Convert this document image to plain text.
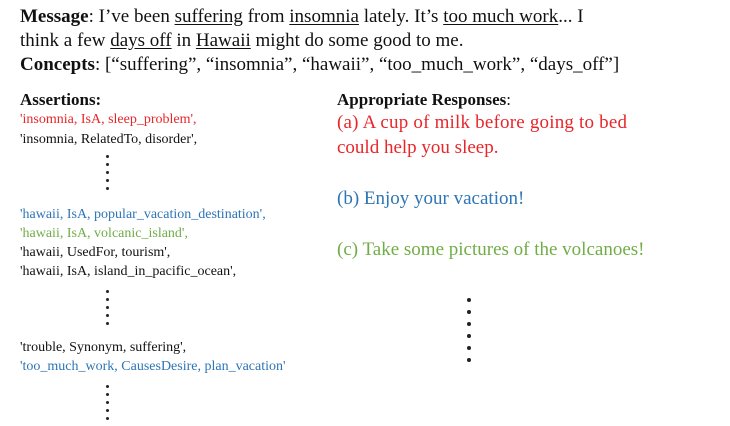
Message: I’ve been suffering from insomnia lately. It’s too much work... I
think a few days off in Hawaii might do some good to me.
Concepts: [“suffering”, “insomnia”, “hawaii”, “too_much_work”, “days_off”]
Assertions:
'insomnia, IsA, sleep_problem',
'insomnia, RelatedTo, disorder',
'hawaii, IsA, popular_vacation_destination',
'hawaii, IsA, volcanic_island',
'hawaii, UsedFor, tourism',
'hawaii, IsA, island_in_pacific_ocean',
'trouble, Synonym, suffering',
'too_much_work, CausesDesire, plan_vacation'
Appropriate Responses:
(a) A cup of milk before going to bed
could help you sleep.
(b) Enjoy your vacation!
(c) Take some pictures of the volcanoes!
